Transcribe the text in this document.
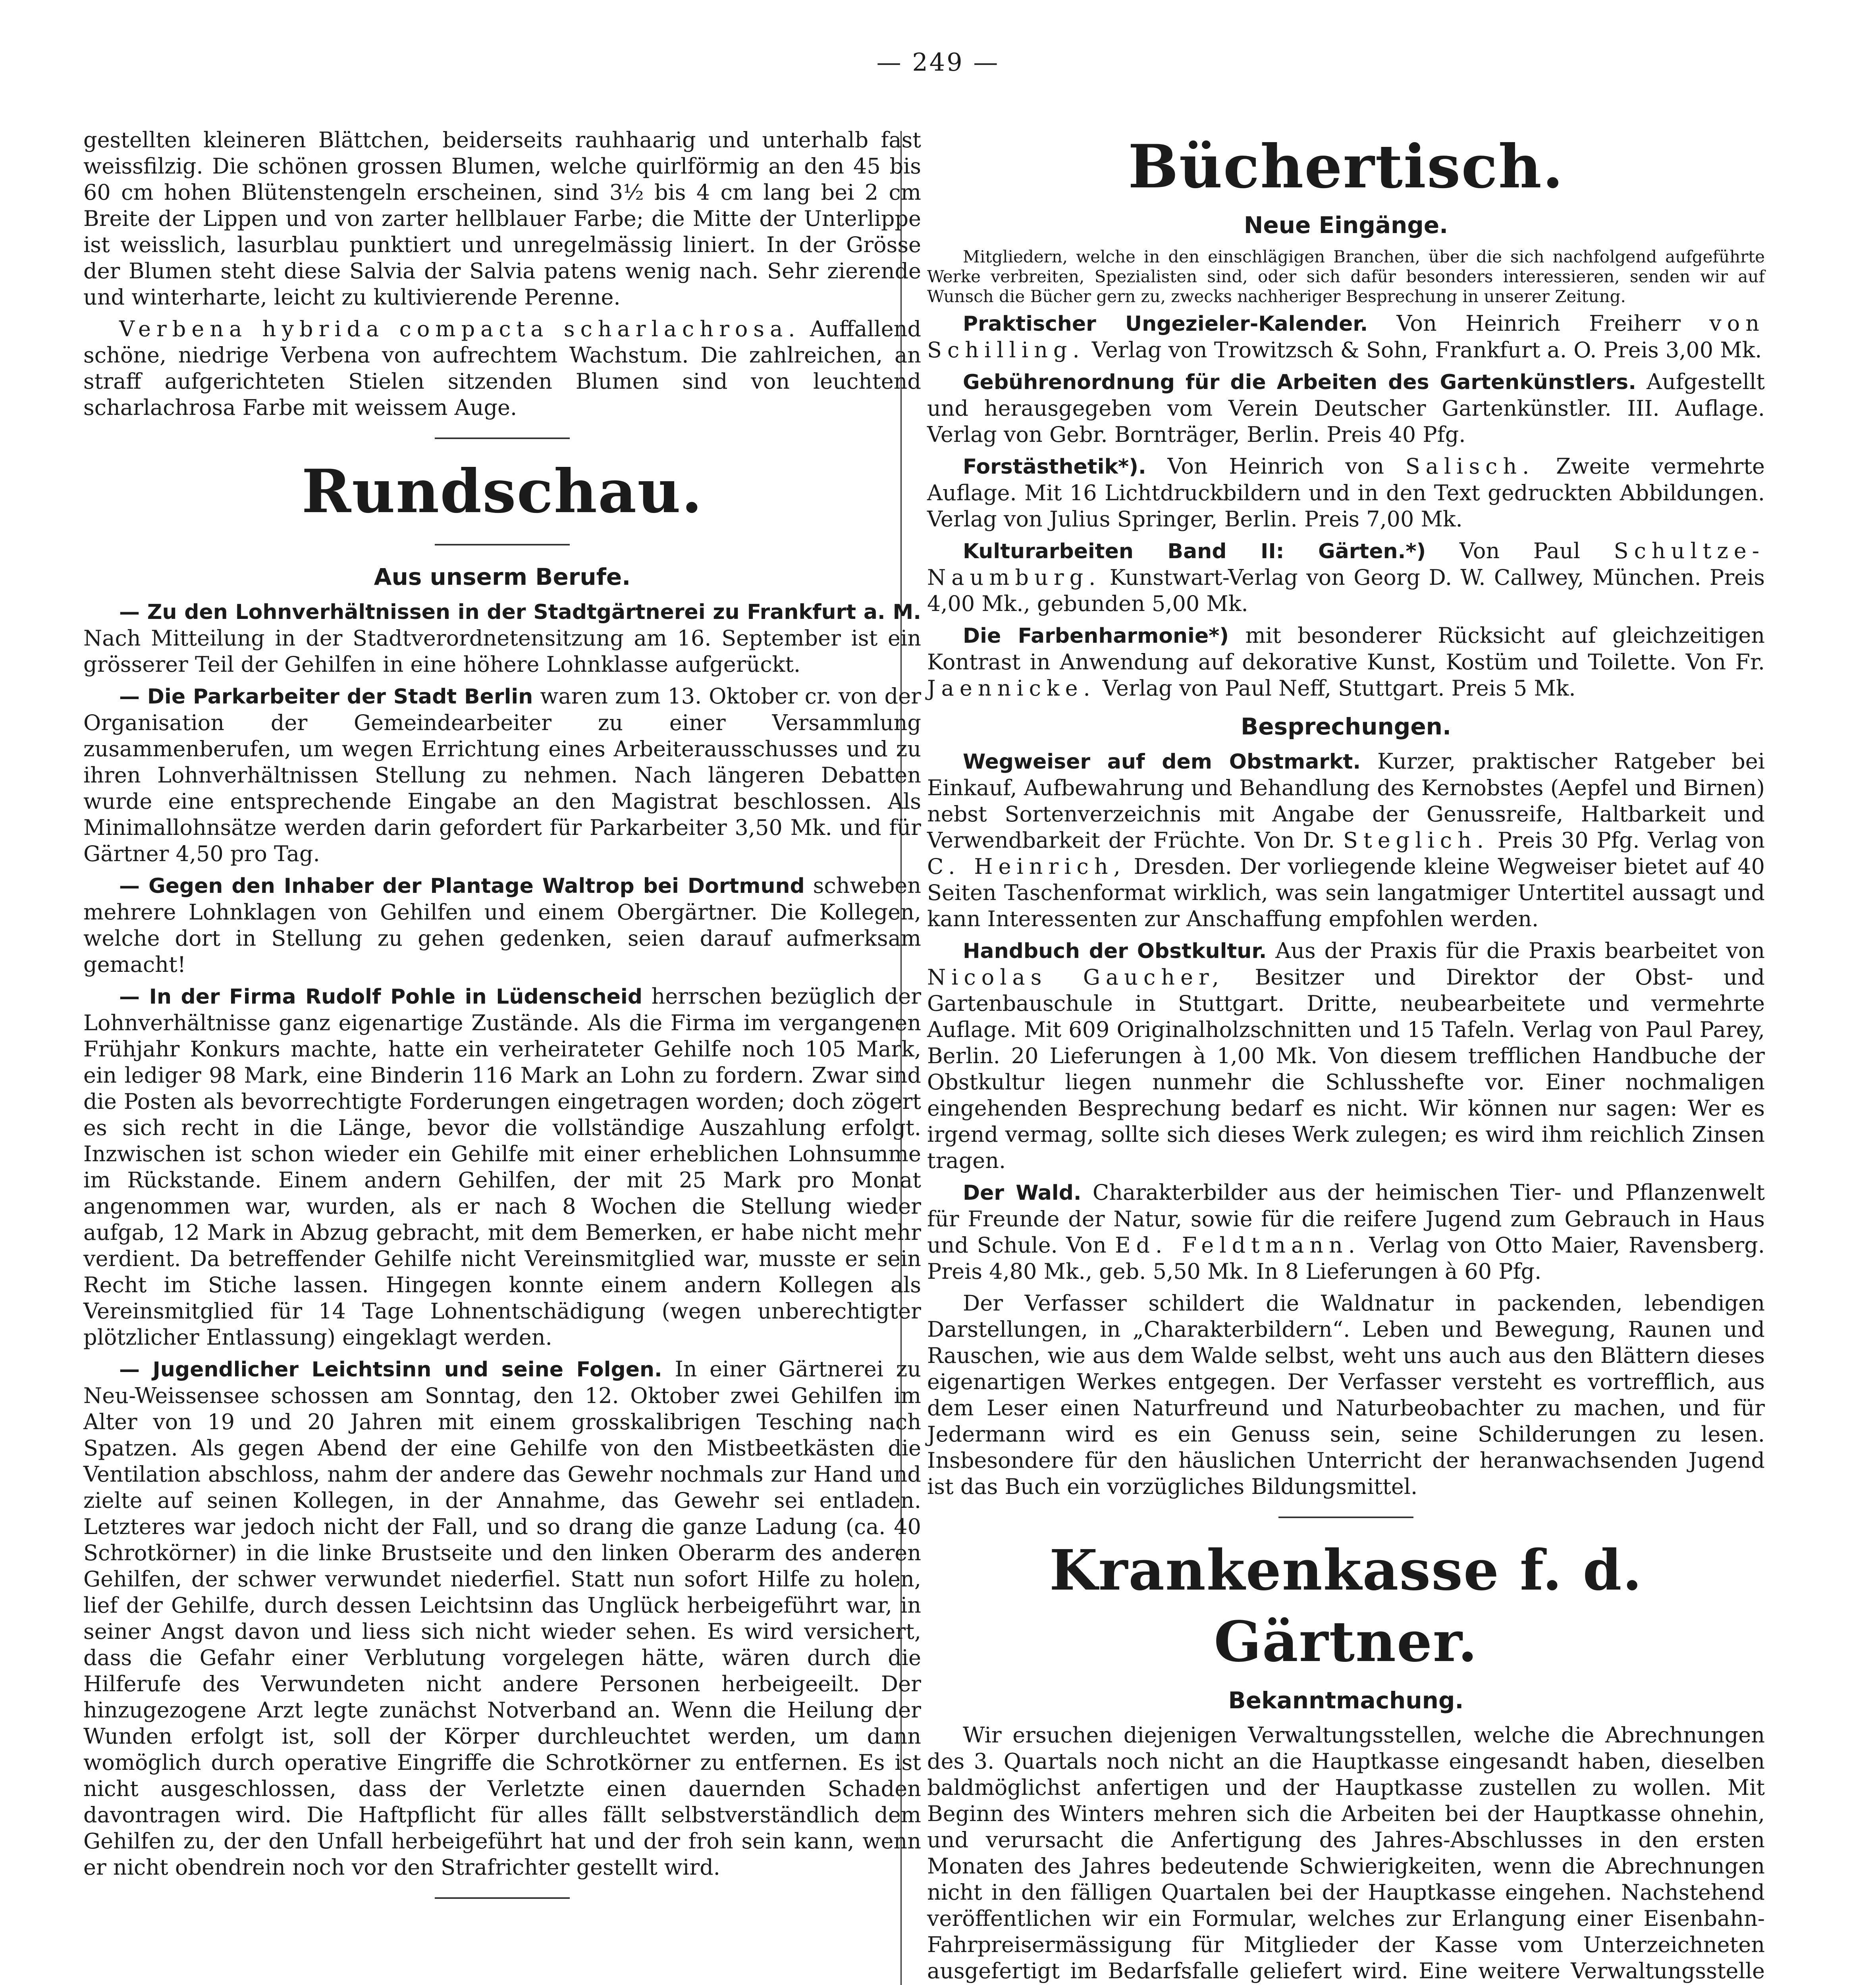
— 249 —

gestellten kleineren Blättchen, beiderseits rauhhaarig und unterhalb fast weissfilzig. Die schönen grossen Blumen, welche quirlförmig an den 45 bis 60 cm hohen Blütenstengeln erscheinen, sind 3½ bis 4 cm lang bei 2 cm Breite der Lippen und von zarter hellblauer Farbe; die Mitte der Unterlippe ist weisslich, lasurblau punktiert und unregelmässig liniert. In der Grösse der Blumen steht diese Salvia der Salvia patens wenig nach. Sehr zierende und winterharte, leicht zu kultivierende Perenne.

Verbena hybrida compacta scharlachrosa. Auffallend schöne, niedrige Verbena von aufrechtem Wachstum. Die zahlreichen, an straff aufgerichteten Stielen sitzenden Blumen sind von leuchtend scharlachrosa Farbe mit weissem Auge.

Rundschau.
Aus unserm Berufe.

— Zu den Lohnverhältnissen in der Stadtgärtnerei zu Frankfurt a. M. Nach Mitteilung in der Stadtverordnetensitzung am 16. September ist ein grösserer Teil der Gehilfen in eine höhere Lohnklasse aufgerückt.

— Die Parkarbeiter der Stadt Berlin waren zum 13. Oktober cr. von der Organisation der Gemeindearbeiter zu einer Versammlung zusammenberufen, um wegen Errichtung eines Arbeiterausschusses und zu ihren Lohnverhältnissen Stellung zu nehmen. Nach längeren Debatten wurde eine entsprechende Eingabe an den Magistrat beschlossen. Als Minimallohnsätze werden darin gefordert für Parkarbeiter 3,50 Mk. und für Gärtner 4,50 pro Tag.

— Gegen den Inhaber der Plantage Waltrop bei Dortmund schweben mehrere Lohnklagen von Gehilfen und einem Obergärtner. Die Kollegen, welche dort in Stellung zu gehen gedenken, seien darauf aufmerksam gemacht!

— In der Firma Rudolf Pohle in Lüdenscheid herrschen bezüglich der Lohnverhältnisse ganz eigenartige Zustände. Als die Firma im vergangenen Frühjahr Konkurs machte, hatte ein verheirateter Gehilfe noch 105 Mark, ein lediger 98 Mark, eine Binderin 116 Mark an Lohn zu fordern. Zwar sind die Posten als bevorrechtigte Forderungen eingetragen worden; doch zögert es sich recht in die Länge, bevor die vollständige Auszahlung erfolgt. Inzwischen ist schon wieder ein Gehilfe mit einer erheblichen Lohnsumme im Rückstande. Einem andern Gehilfen, der mit 25 Mark pro Monat angenommen war, wurden, als er nach 8 Wochen die Stellung wieder aufgab, 12 Mark in Abzug gebracht, mit dem Bemerken, er habe nicht mehr verdient. Da betreffender Gehilfe nicht Vereinsmitglied war, musste er sein Recht im Stiche lassen. Hingegen konnte einem andern Kollegen als Vereinsmitglied für 14 Tage Lohnentschädigung (wegen unberechtigter plötzlicher Entlassung) eingeklagt werden.

— Jugendlicher Leichtsinn und seine Folgen. In einer Gärtnerei zu Neu-Weissensee schossen am Sonntag, den 12. Oktober zwei Gehilfen im Alter von 19 und 20 Jahren mit einem grosskalibrigen Tesching nach Spatzen. Als gegen Abend der eine Gehilfe von den Mistbeetkästen die Ventilation abschloss, nahm der andere das Gewehr nochmals zur Hand und zielte auf seinen Kollegen, in der Annahme, das Gewehr sei entladen. Letzteres war jedoch nicht der Fall, und so drang die ganze Ladung (ca. 40 Schrotkörner) in die linke Brustseite und den linken Oberarm des anderen Gehilfen, der schwer verwundet niederfiel. Statt nun sofort Hilfe zu holen, lief der Gehilfe, durch dessen Leichtsinn das Unglück herbeigeführt war, in seiner Angst davon und liess sich nicht wieder sehen. Es wird versichert, dass die Gefahr einer Verblutung vorgelegen hätte, wären durch die Hilferufe des Verwundeten nicht andere Personen herbeigeeilt. Der hinzugezogene Arzt legte zunächst Notverband an. Wenn die Heilung der Wunden erfolgt ist, soll der Körper durchleuchtet werden, um dann womöglich durch operative Eingriffe die Schrotkörner zu entfernen. Es ist nicht ausgeschlossen, dass der Verletzte einen dauernden Schaden davontragen wird. Die Haftpflicht für alles fällt selbstverständlich dem Gehilfen zu, der den Unfall herbeigeführt hat und der froh sein kann, wenn er nicht obendrein noch vor den Strafrichter gestellt wird.

Büchertisch.
Neue Eingänge.

Mitgliedern, welche in den einschlägigen Branchen, über die sich nachfolgend aufgeführte Werke verbreiten, Spezialisten sind, oder sich dafür besonders interessieren, senden wir auf Wunsch die Bücher gern zu, zwecks nachheriger Besprechung in unserer Zeitung.

Praktischer Ungezieler-Kalender. Von Heinrich Freiherr von Schilling. Verlag von Trowitzsch & Sohn, Frankfurt a. O. Preis 3,00 Mk.

Gebührenordnung für die Arbeiten des Gartenkünstlers. Aufgestellt und herausgegeben vom Verein Deutscher Gartenkünstler. III. Auflage. Verlag von Gebr. Bornträger, Berlin. Preis 40 Pfg.

Forstästhetik*). Von Heinrich von Salisch. Zweite vermehrte Auflage. Mit 16 Lichtdruckbildern und in den Text gedruckten Abbildungen. Verlag von Julius Springer, Berlin. Preis 7,00 Mk.

Kulturarbeiten Band II: Gärten.*) Von Paul Schultze-Naumburg. Kunstwart-Verlag von Georg D. W. Callwey, München. Preis 4,00 Mk., gebunden 5,00 Mk.

Die Farbenharmonie*) mit besonderer Rücksicht auf gleichzeitigen Kontrast in Anwendung auf dekorative Kunst, Kostüm und Toilette. Von Fr. Jaennicke. Verlag von Paul Neff, Stuttgart. Preis 5 Mk.

Besprechungen.

Wegweiser auf dem Obstmarkt. Kurzer, praktischer Ratgeber bei Einkauf, Aufbewahrung und Behandlung des Kernobstes (Aepfel und Birnen) nebst Sortenverzeichnis mit Angabe der Genussreife, Haltbarkeit und Verwendbarkeit der Früchte. Von Dr. Steglich. Preis 30 Pfg. Verlag von C. Heinrich, Dresden. Der vorliegende kleine Wegweiser bietet auf 40 Seiten Taschenformat wirklich, was sein langatmiger Untertitel aussagt und kann Interessenten zur Anschaffung empfohlen werden.

Handbuch der Obstkultur. Aus der Praxis für die Praxis bearbeitet von Nicolas Gaucher, Besitzer und Direktor der Obst- und Gartenbauschule in Stuttgart. Dritte, neubearbeitete und vermehrte Auflage. Mit 609 Originalholzschnitten und 15 Tafeln. Verlag von Paul Parey, Berlin. 20 Lieferungen à 1,00 Mk. Von diesem trefflichen Handbuche der Obstkultur liegen nunmehr die Schlusshefte vor. Einer nochmaligen eingehenden Besprechung bedarf es nicht. Wir können nur sagen: Wer es irgend vermag, sollte sich dieses Werk zulegen; es wird ihm reichlich Zinsen tragen.

Der Wald. Charakterbilder aus der heimischen Tier- und Pflanzenwelt für Freunde der Natur, sowie für die reifere Jugend zum Gebrauch in Haus und Schule. Von Ed. Feldtmann. Verlag von Otto Maier, Ravensberg. Preis 4,80 Mk., geb. 5,50 Mk. In 8 Lieferungen à 60 Pfg.

Der Verfasser schildert die Waldnatur in packenden, lebendigen Darstellungen, in „Charakterbildern“. Leben und Bewegung, Raunen und Rauschen, wie aus dem Walde selbst, weht uns auch aus den Blättern dieses eigenartigen Werkes entgegen. Der Verfasser versteht es vortrefflich, aus dem Leser einen Naturfreund und Naturbeobachter zu machen, und für Jedermann wird es ein Genuss sein, seine Schilderungen zu lesen. Insbesondere für den häuslichen Unterricht der heranwachsenden Jugend ist das Buch ein vorzügliches Bildungsmittel.

Krankenkasse f. d. Gärtner.
Bekanntmachung.

Wir ersuchen diejenigen Verwaltungsstellen, welche die Abrechnungen des 3. Quartals noch nicht an die Hauptkasse eingesandt haben, dieselben baldmöglichst anfertigen und der Hauptkasse zustellen zu wollen. Mit Beginn des Winters mehren sich die Arbeiten bei der Hauptkasse ohnehin, und verursacht die Anfertigung des Jahres-Abschlusses in den ersten Monaten des Jahres bedeutende Schwierigkeiten, wenn die Abrechnungen nicht in den fälligen Quartalen bei der Hauptkasse eingehen. Nachstehend veröffentlichen wir ein Formular, welches zur Erlangung einer Eisenbahn-Fahrpreisermässigung für Mitglieder der Kasse vom Unterzeichneten ausgefertigt im Bedarfsfalle geliefert wird. Eine weitere Verwaltungsstelle
